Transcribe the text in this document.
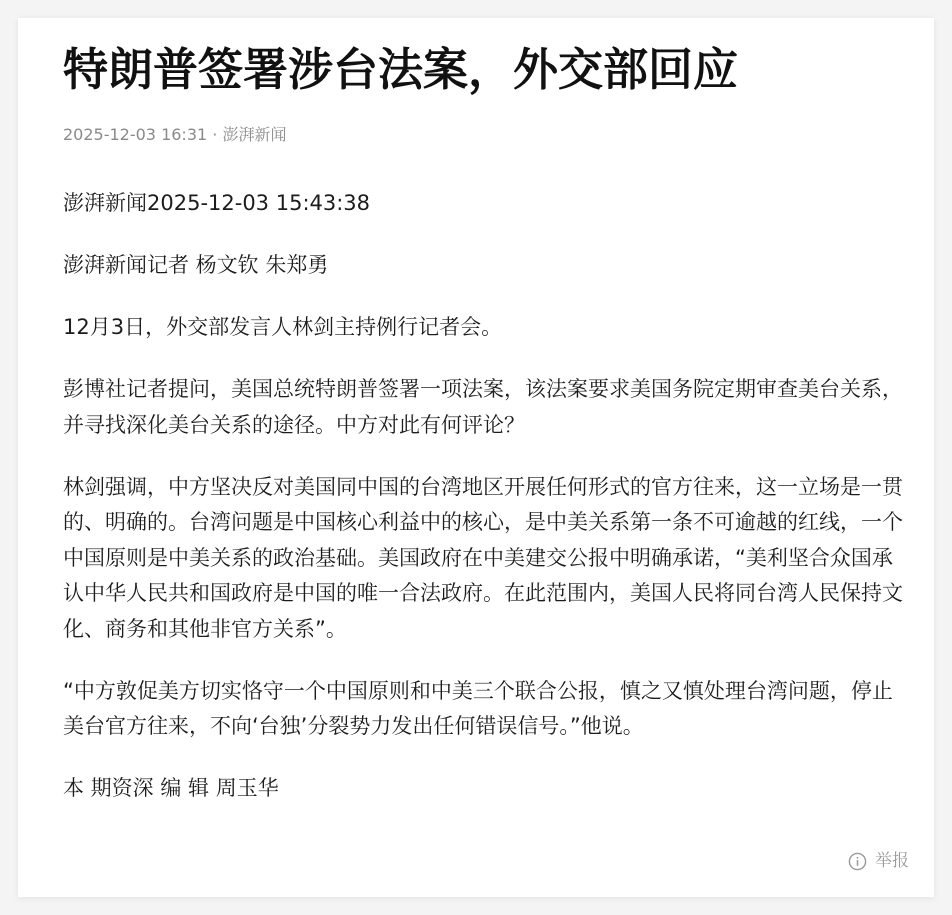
特朗普签署涉台法案，外交部回应
2025-12-03 16:31 · 澎湃新闻

澎湃新闻2025-12-03 15:43:38

澎湃新闻记者 杨文钦 朱郑勇

12月3日，外交部发言人林剑主持例行记者会。

彭博社记者提问，美国总统特朗普签署一项法案，该法案要求美国务院定期审查美台关系，并寻找深化美台关系的途径。中方对此有何评论？

林剑强调，中方坚决反对美国同中国的台湾地区开展任何形式的官方往来，这一立场是一贯的、明确的。台湾问题是中国核心利益中的核心，是中美关系第一条不可逾越的红线，一个中国原则是中美关系的政治基础。美国政府在中美建交公报中明确承诺，“美利坚合众国承认中华人民共和国政府是中国的唯一合法政府。在此范围内，美国人民将同台湾人民保持文化、商务和其他非官方关系”。

“中方敦促美方切实恪守一个中国原则和中美三个联合公报，慎之又慎处理台湾问题，停止美台官方往来，不向‘台独’分裂势力发出任何错误信号。”他说。

本 期资深 编 辑 周玉华

举报
